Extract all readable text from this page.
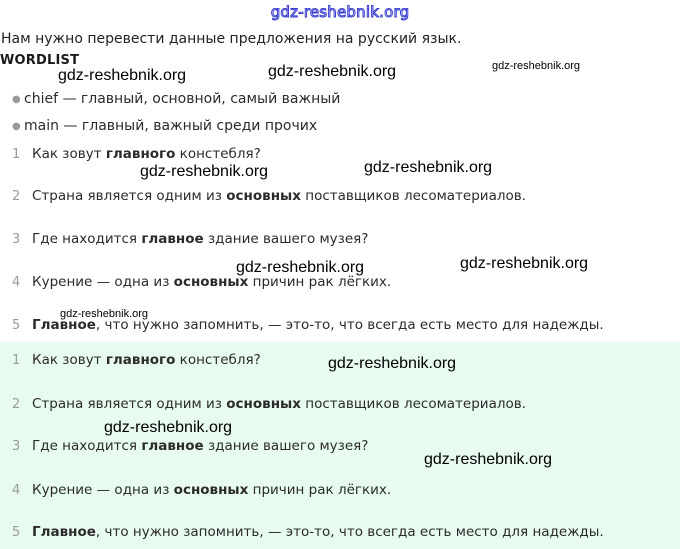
gdz-reshebnik.org
Нам нужно перевести данные предложения на русский язык.
WORDLIST
● chief — главный, основной, самый важный
● main — главный, важный среди прочих
1 Как зовут главного констебля?
2 Страна является одним из основных поставщиков лесоматериалов.
3 Где находится главное здание вашего музея?
4 Курение — одна из основных причин рак лёгких.
5 Главное, что нужно запомнить, — это-то, что всегда есть место для надежды.
1 Как зовут главного констебля?
2 Страна является одним из основных поставщиков лесоматериалов.
3 Где находится главное здание вашего музея?
4 Курение — одна из основных причин рак лёгких.
5 Главное, что нужно запомнить, — это-то, что всегда есть место для надежды.
gdz-reshebnik.org	gdz-reshebnik.org	gdz-reshebnik.org
gdz-reshebnik.org	gdz-reshebnik.org
gdz-reshebnik.org	gdz-reshebnik.org
gdz-reshebnik.org
gdz-reshebnik.org
gdz-reshebnik.org
gdz-reshebnik.org
